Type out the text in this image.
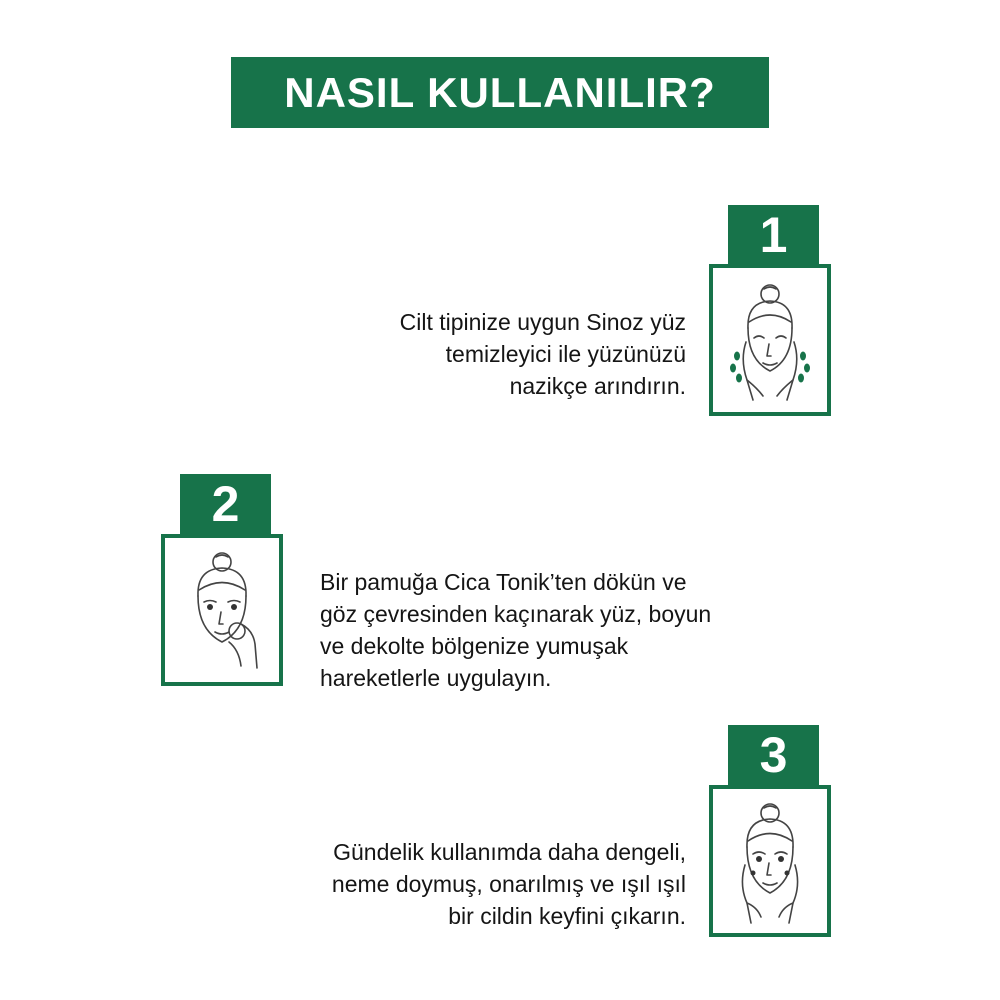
NASIL KULLANILIR?
1
Cilt tipinize uygun Sinoz yüz
temizleyici ile yüzünüzü
nazikçe arındırın.
2
Bir pamuğa Cica Tonik’ten dökün ve
göz çevresinden kaçınarak yüz, boyun
ve dekolte bölgenize yumuşak
hareketlerle uygulayın.
3
Gündelik kullanımda daha dengeli,
neme doymuş, onarılmış ve ışıl ışıl
bir cildin keyfini çıkarın.
